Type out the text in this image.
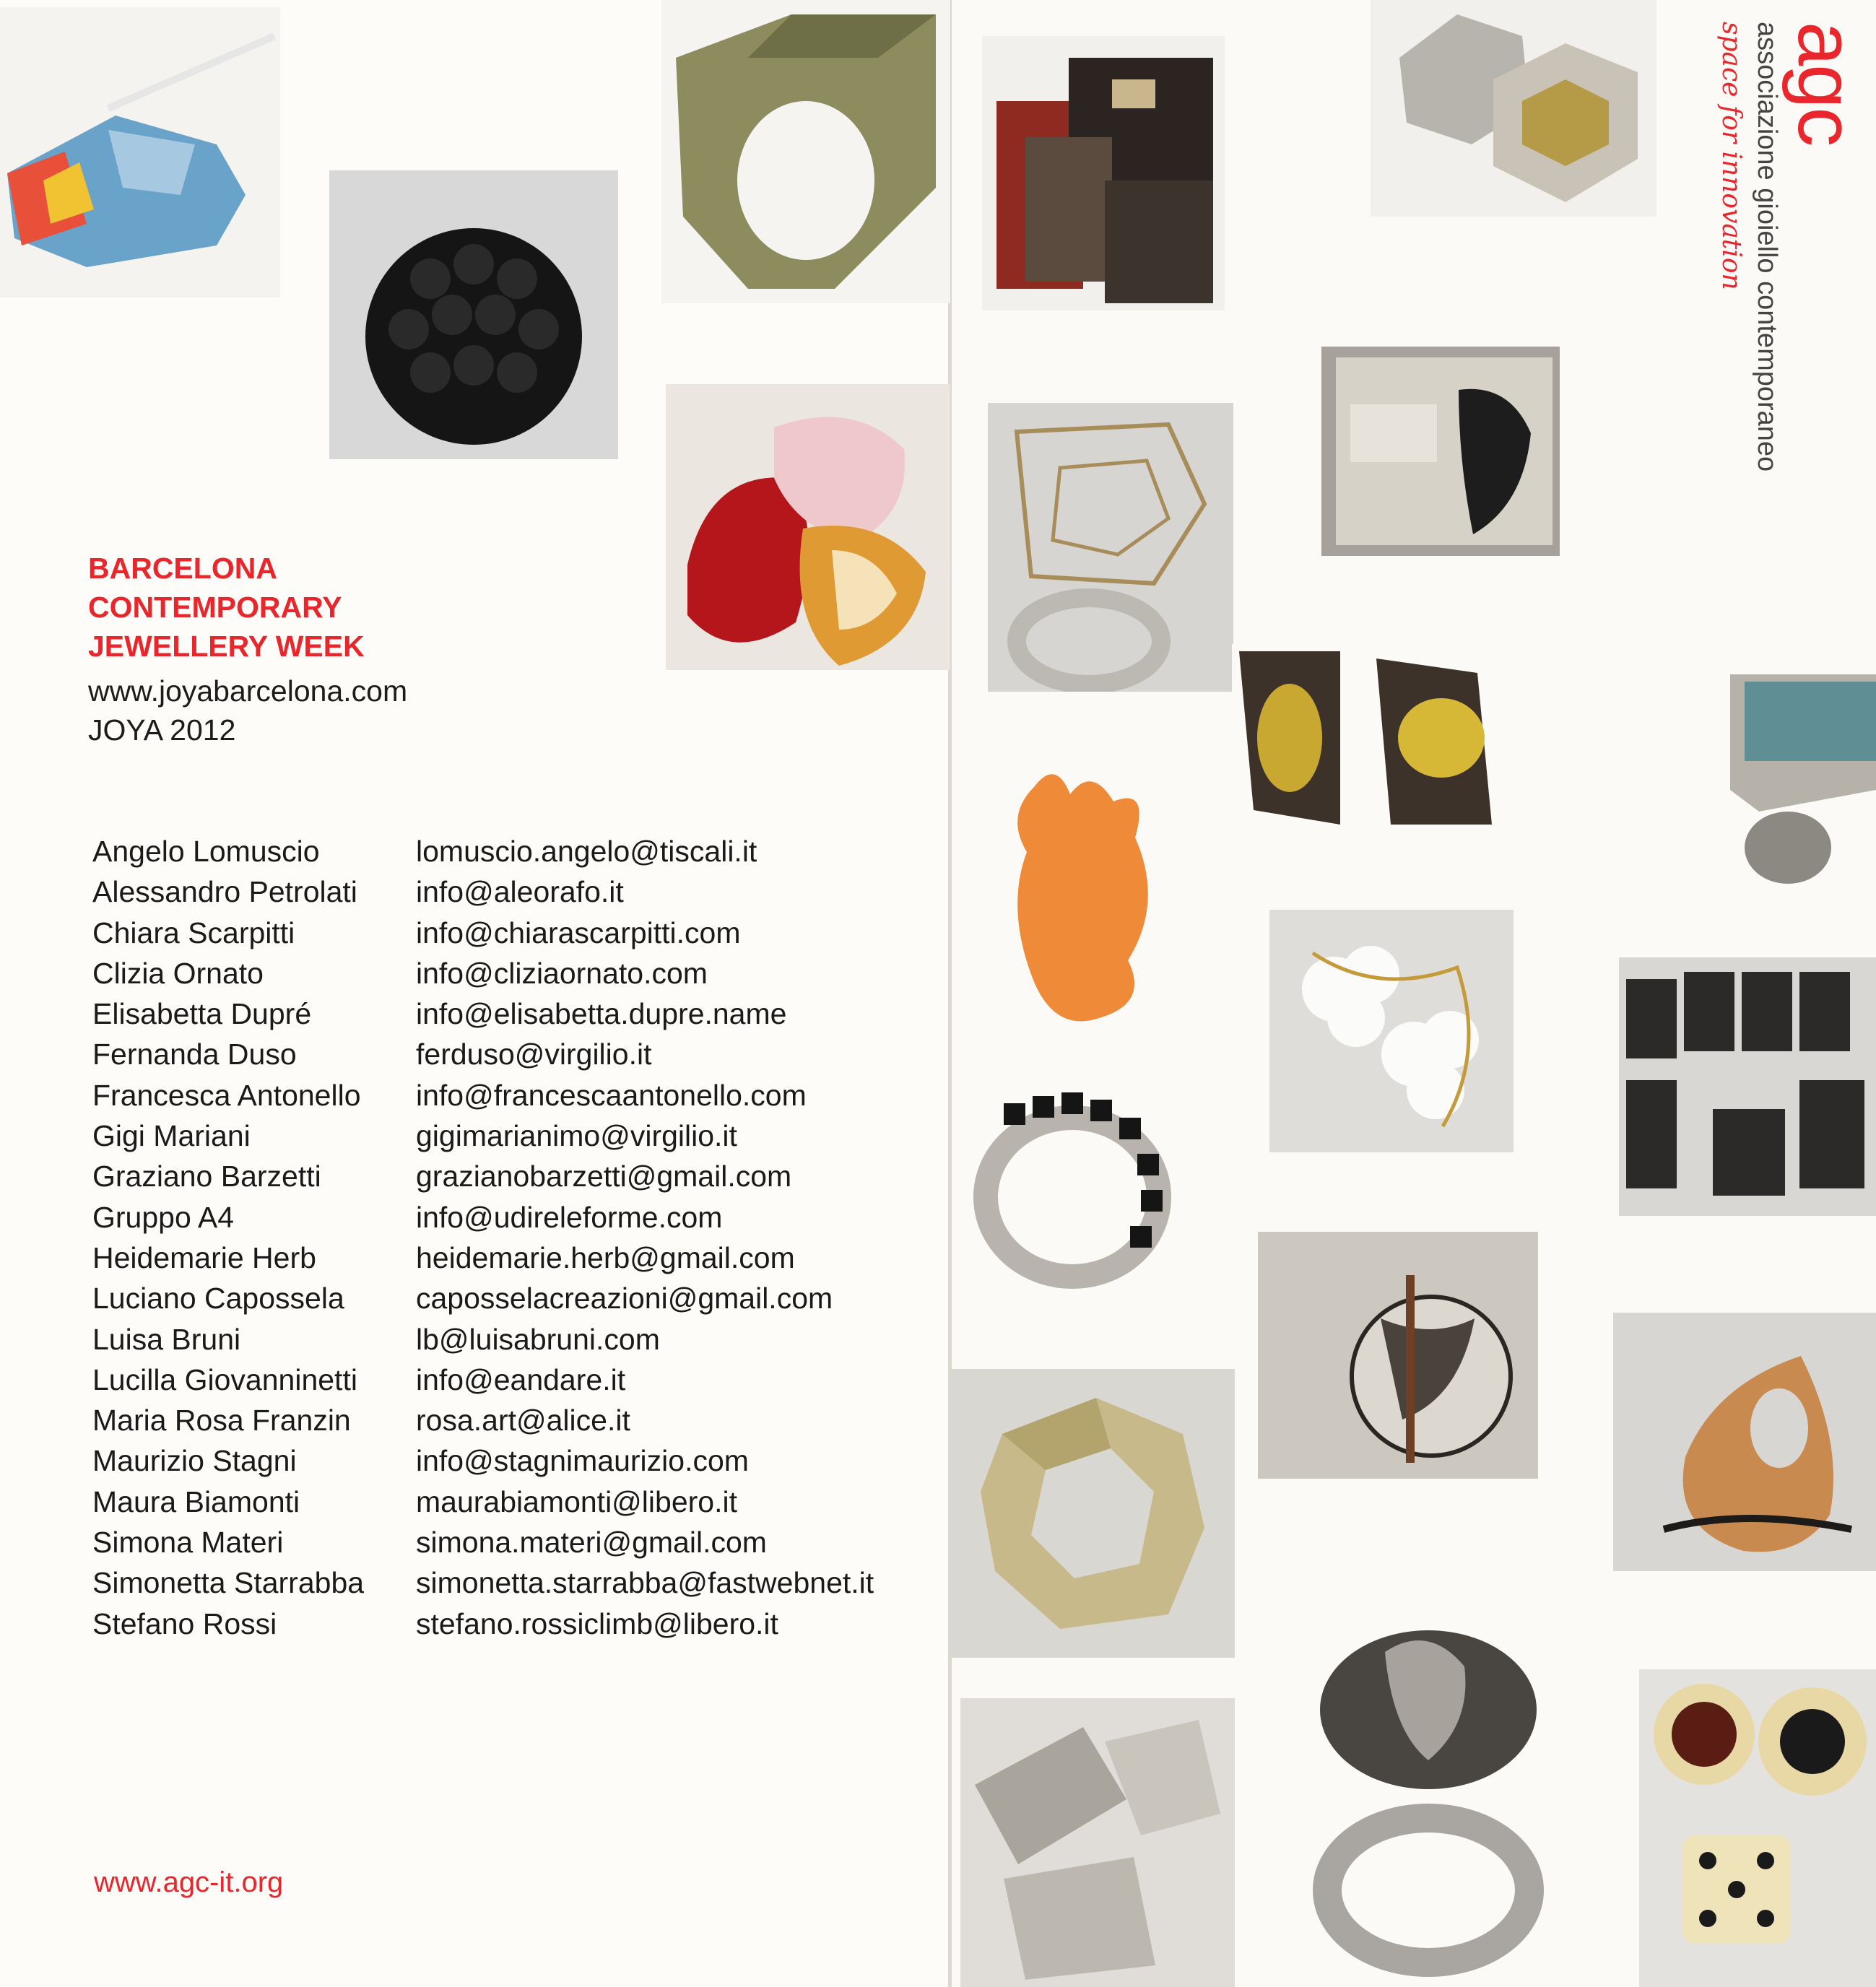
BARCELONA
CONTEMPORARY
JEWELLERY WEEK
www.joyabarcelona.com
JOYA 2012
Angelo Lomuscio	lomuscio.angelo@tiscali.it
Alessandro Petrolati	info@aleorafo.it
Chiara Scarpitti	info@chiarascarpitti.com
Clizia Ornato	info@cliziaornato.com
Elisabetta Dupré	info@elisabetta.dupre.name
Fernanda Duso	ferduso@virgilio.it
Francesca Antonello	info@francescaantonello.com
Gigi Mariani	gigimarianimo@virgilio.it
Graziano Barzetti	grazianobarzetti@gmail.com
Gruppo A4	info@udireleforme.com
Heidemarie Herb	heidemarie.herb@gmail.com
Luciano Capossela	caposselacreazioni@gmail.com
Luisa Bruni	lb@luisabruni.com
Lucilla Giovanninetti	info@eandare.it
Maria Rosa Franzin	rosa.art@alice.it
Maurizio Stagni	info@stagnimaurizio.com
Maura Biamonti	maurabiamonti@libero.it
Simona Materi	simona.materi@gmail.com
Simonetta Starrabba	simonetta.starrabba@fastwebnet.it
Stefano Rossi	stefano.rossiclimb@libero.it
www.agc-it.org
agc
associazione gioiello contemporaneo
space for innovation
